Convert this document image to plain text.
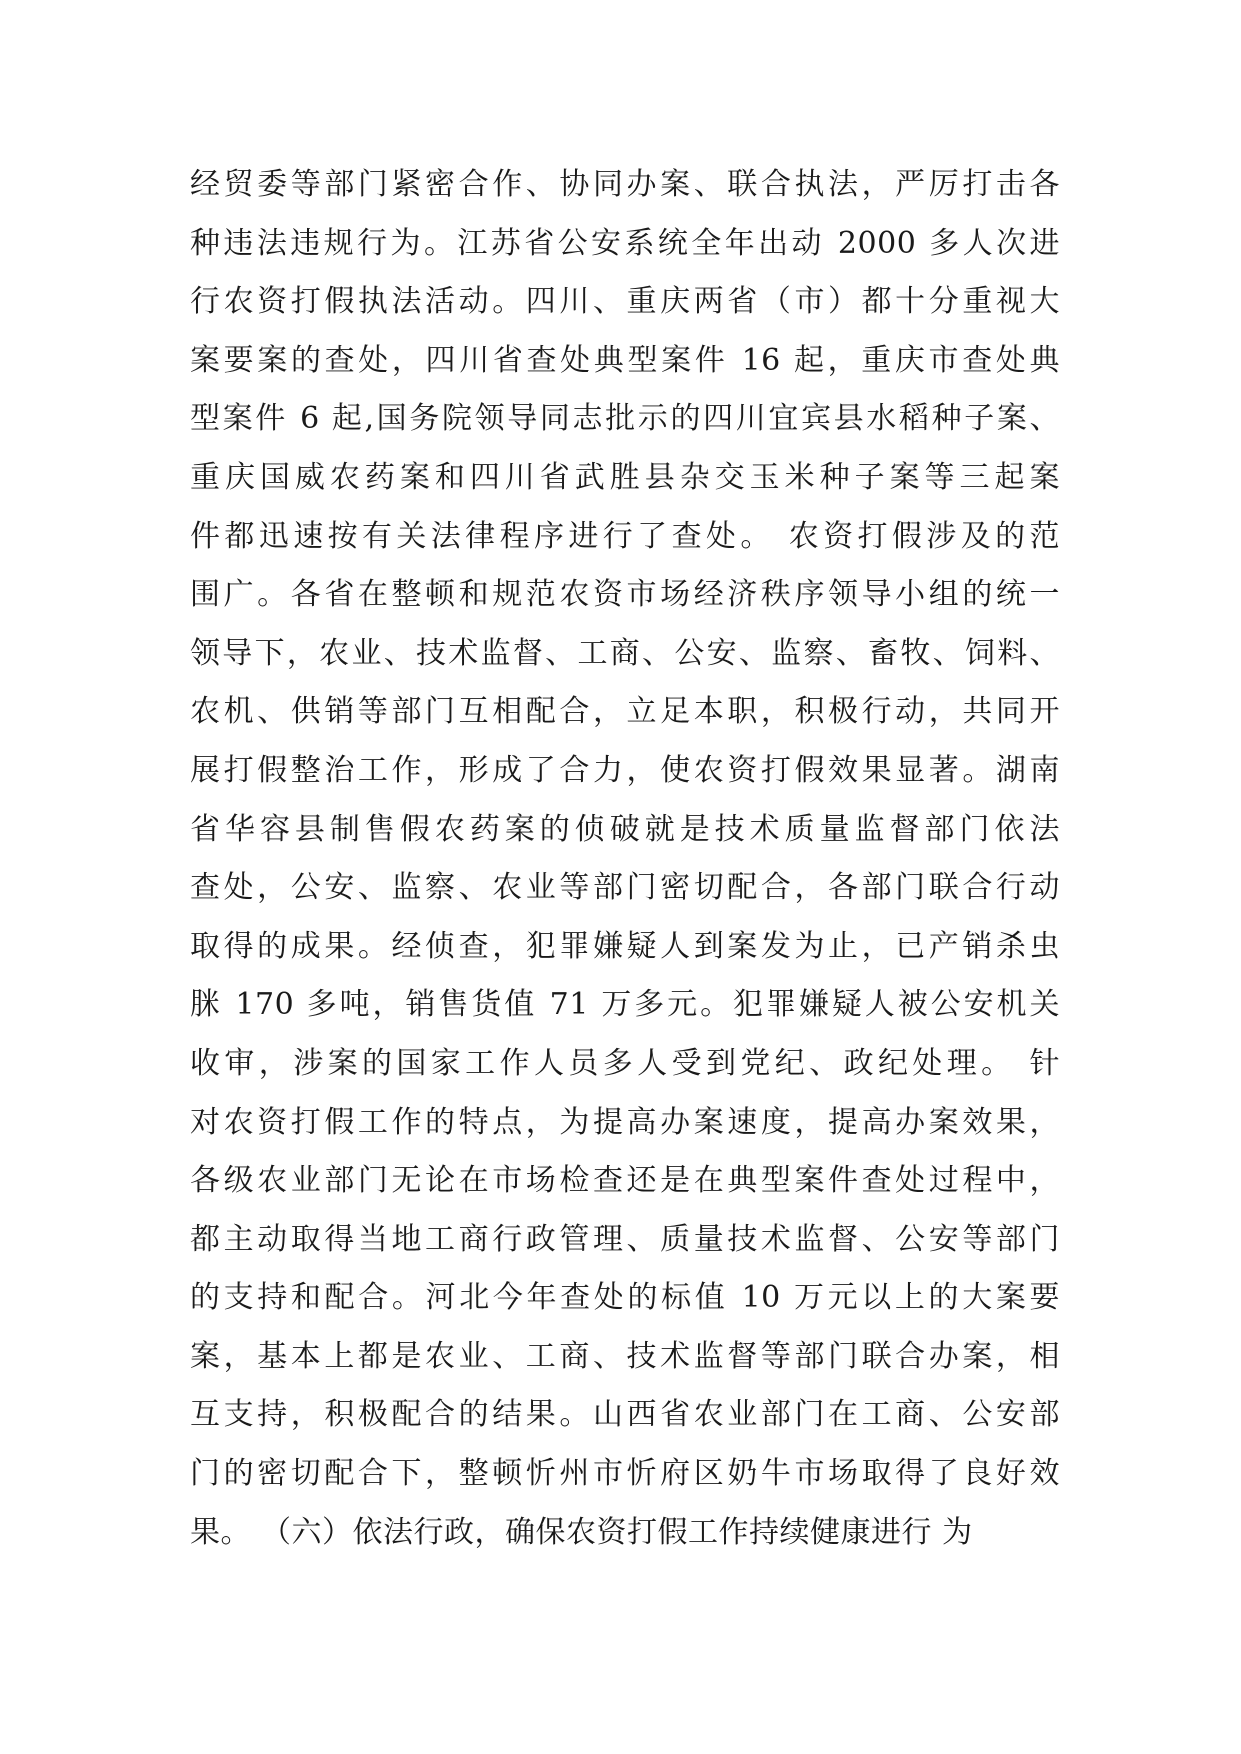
经贸委等部门紧密合作、协同办案、联合执法，严厉打击各
种违法违规行为。江苏省公安系统全年出动 2000 多人次进
行农资打假执法活动。四川、重庆两省（市）都十分重视大
案要案的查处，四川省查处典型案件 16 起，重庆市查处典
型案件 6 起,国务院领导同志批示的四川宜宾县水稻种子案、
重庆国威农药案和四川省武胜县杂交玉米种子案等三起案
件都迅速按有关法律程序进行了查处。 农资打假涉及的范
围广。各省在整顿和规范农资市场经济秩序领导小组的统一
领导下，农业、技术监督、工商、公安、监察、畜牧、饲料、
农机、供销等部门互相配合，立足本职，积极行动，共同开
展打假整治工作，形成了合力，使农资打假效果显著。湖南
省华容县制售假农药案的侦破就是技术质量监督部门依法
查处，公安、监察、农业等部门密切配合，各部门联合行动
取得的成果。经侦查，犯罪嫌疑人到案发为止，已产销杀虫
脒 170 多吨，销售货值 71 万多元。犯罪嫌疑人被公安机关
收审，涉案的国家工作人员多人受到党纪、政纪处理。 针
对农资打假工作的特点，为提高办案速度，提高办案效果，
各级农业部门无论在市场检查还是在典型案件查处过程中，
都主动取得当地工商行政管理、质量技术监督、公安等部门
的支持和配合。河北今年查处的标值 10 万元以上的大案要
案，基本上都是农业、工商、技术监督等部门联合办案，相
互支持，积极配合的结果。山西省农业部门在工商、公安部
门的密切配合下，整顿忻州市忻府区奶牛市场取得了良好效
果。 （六）依法行政，确保农资打假工作持续健康进行 为
